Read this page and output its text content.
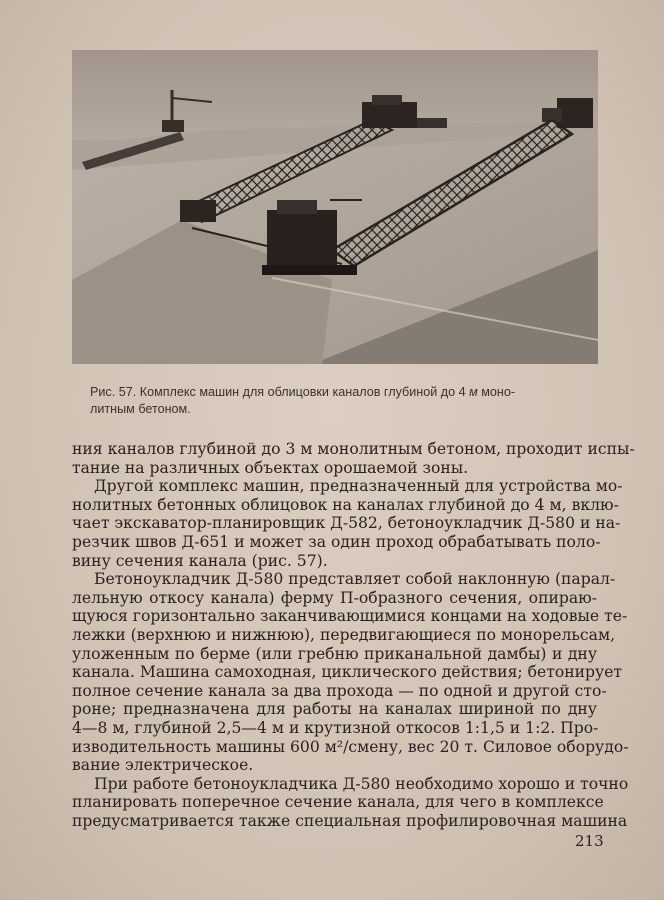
Рис. 57. Комплекс машин для облицовки каналов глубиной до 4 м моно-
литным бетоном.
ния каналов глубиной до 3 м монолитным бетоном, проходит испы-
тание на различных объектах орошаемой зоны.
Другой комплекс машин, предназначенный для устройства мо-
нолитных бетонных облицовок на каналах глубиной до 4 м, вклю-
чает экскаватор-планировщик Д-582, бетоноукладчик Д-580 и на-
резчик швов Д-651 и может за один проход обрабатывать поло-
вину сечения канала (рис. 57).
Бетоноукладчик Д-580 представляет собой наклонную (парал-
лельную откосу канала) ферму П-образного сечения, опираю-
щуюся горизонтально заканчивающимися концами на ходовые те-
лежки (верхнюю и нижнюю), передвигающиеся по монорельсам,
уложенным по берме (или гребню приканальной дамбы) и дну
канала. Машина самоходная, циклического действия; бетонирует
полное сечение канала за два прохода — по одной и другой сто-
роне; предназначена для работы на каналах шириной по дну
4—8 м, глубиной 2,5—4 м и крутизной откосов 1:1,5 и 1:2. Про-
изводительность машины 600 м²/смену, вес 20 т. Силовое оборудо-
вание электрическое.
При работе бетоноукладчика Д-580 необходимо хорошо и точно
планировать поперечное сечение канала, для чего в комплексе
предусматривается также специальная профилировочная машина
213
